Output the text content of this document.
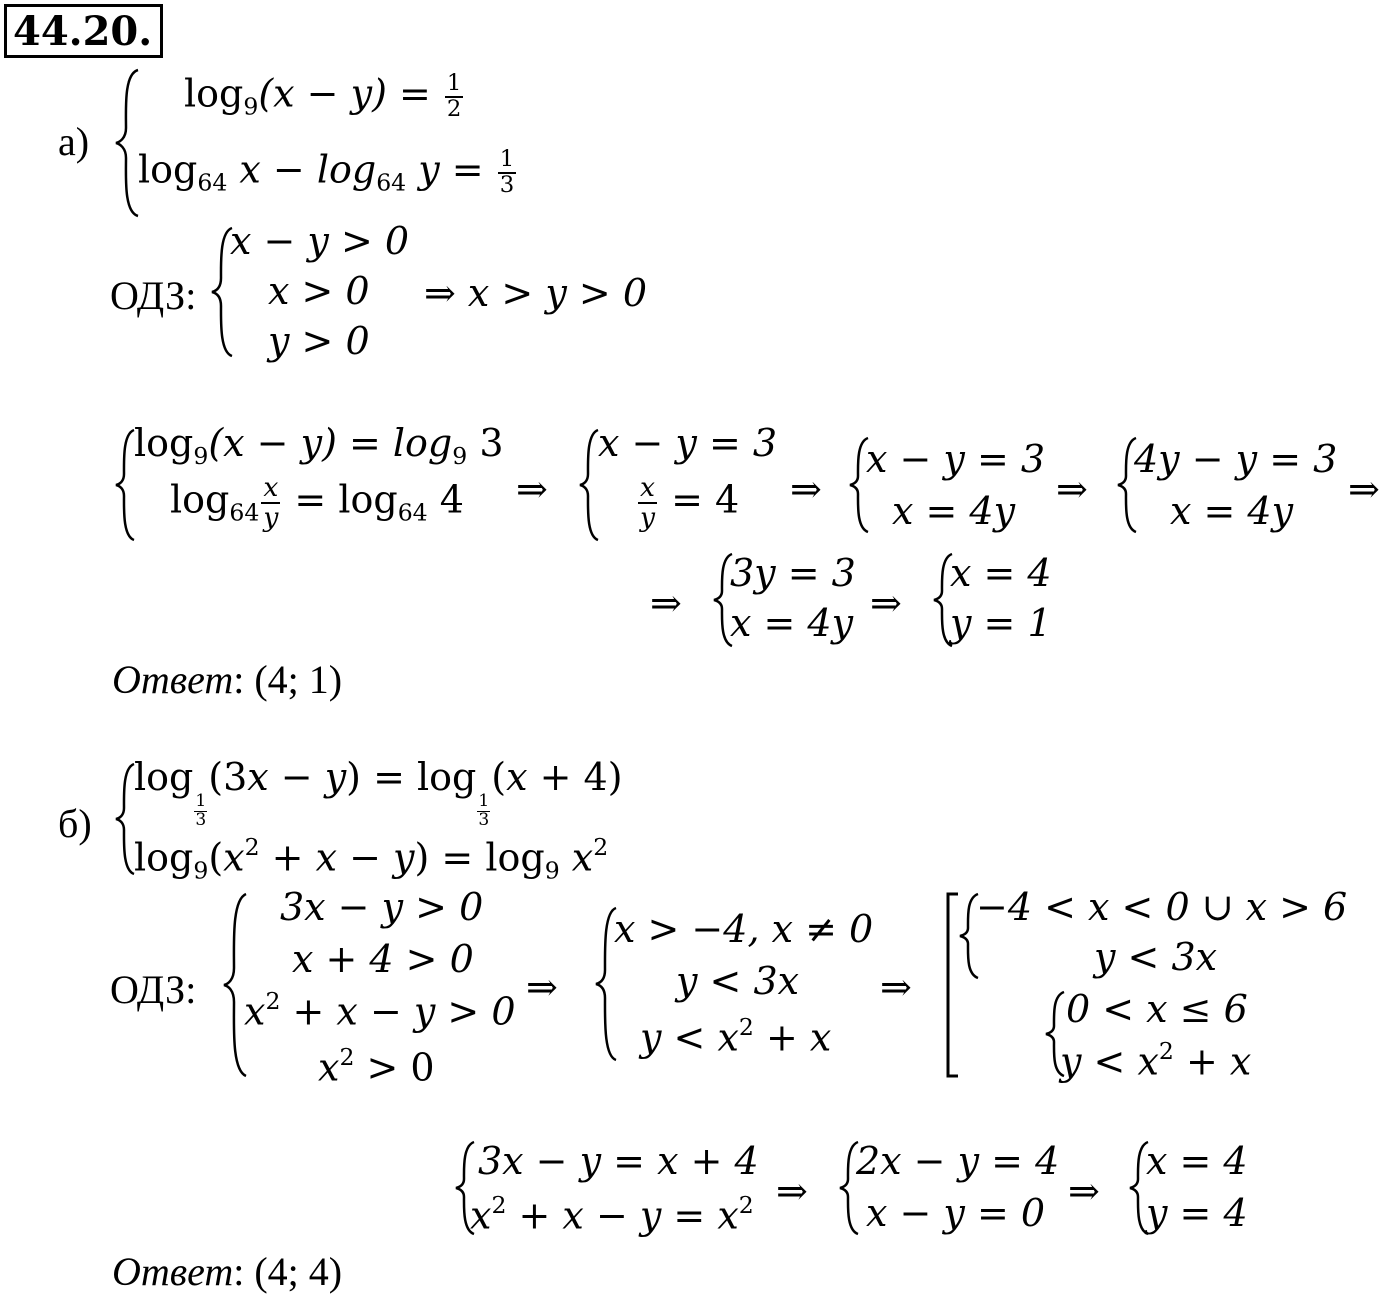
44.20.
а)
$\log_9(x - y) = \frac{1}{2}$
$\log_{64} x - \log_{64} y = \frac{1}{3}$
ОДЗ:
x − y > 0
x > 0
y > 0
⇒ x > y > 0
$\log_9(x - y) = \log_9 3$
$\log_{64} \frac{x}{y} = \log_{64} 4$ ⇒
x − y = 3
$\frac{x}{y} = 4$ ⇒
x − y = 3
x = 4y ⇒
4y − y = 3
x = 4y ⇒
⇒
3y = 3
x = 4y ⇒
x = 4
y = 1
Ответ: (4; 1)
б)
log
$\frac{1}{3}$
(3x − y) = log
$\frac{1}{3}$
(x + 4)
$\log_9(x^2 + x - y) = \log_9 x^2$
ОДЗ:
3x − y > 0
x + 4 > 0
$x^2 + x - y > 0$
$x^2 > 0$
⇒
x > −4, x ≠ 0
y < 3x
$y < x^2 + x$
⇒
−4 < x < 0 ∪ x > 6
y < 3x
0 < x ≤ 6
$y < x^2 + x$
3x − y = x + 4
$x^2 + x - y = x^2$ ⇒
2x − y = 4
x − y = 0 ⇒
x = 4
y = 4
Ответ: (4; 4)
